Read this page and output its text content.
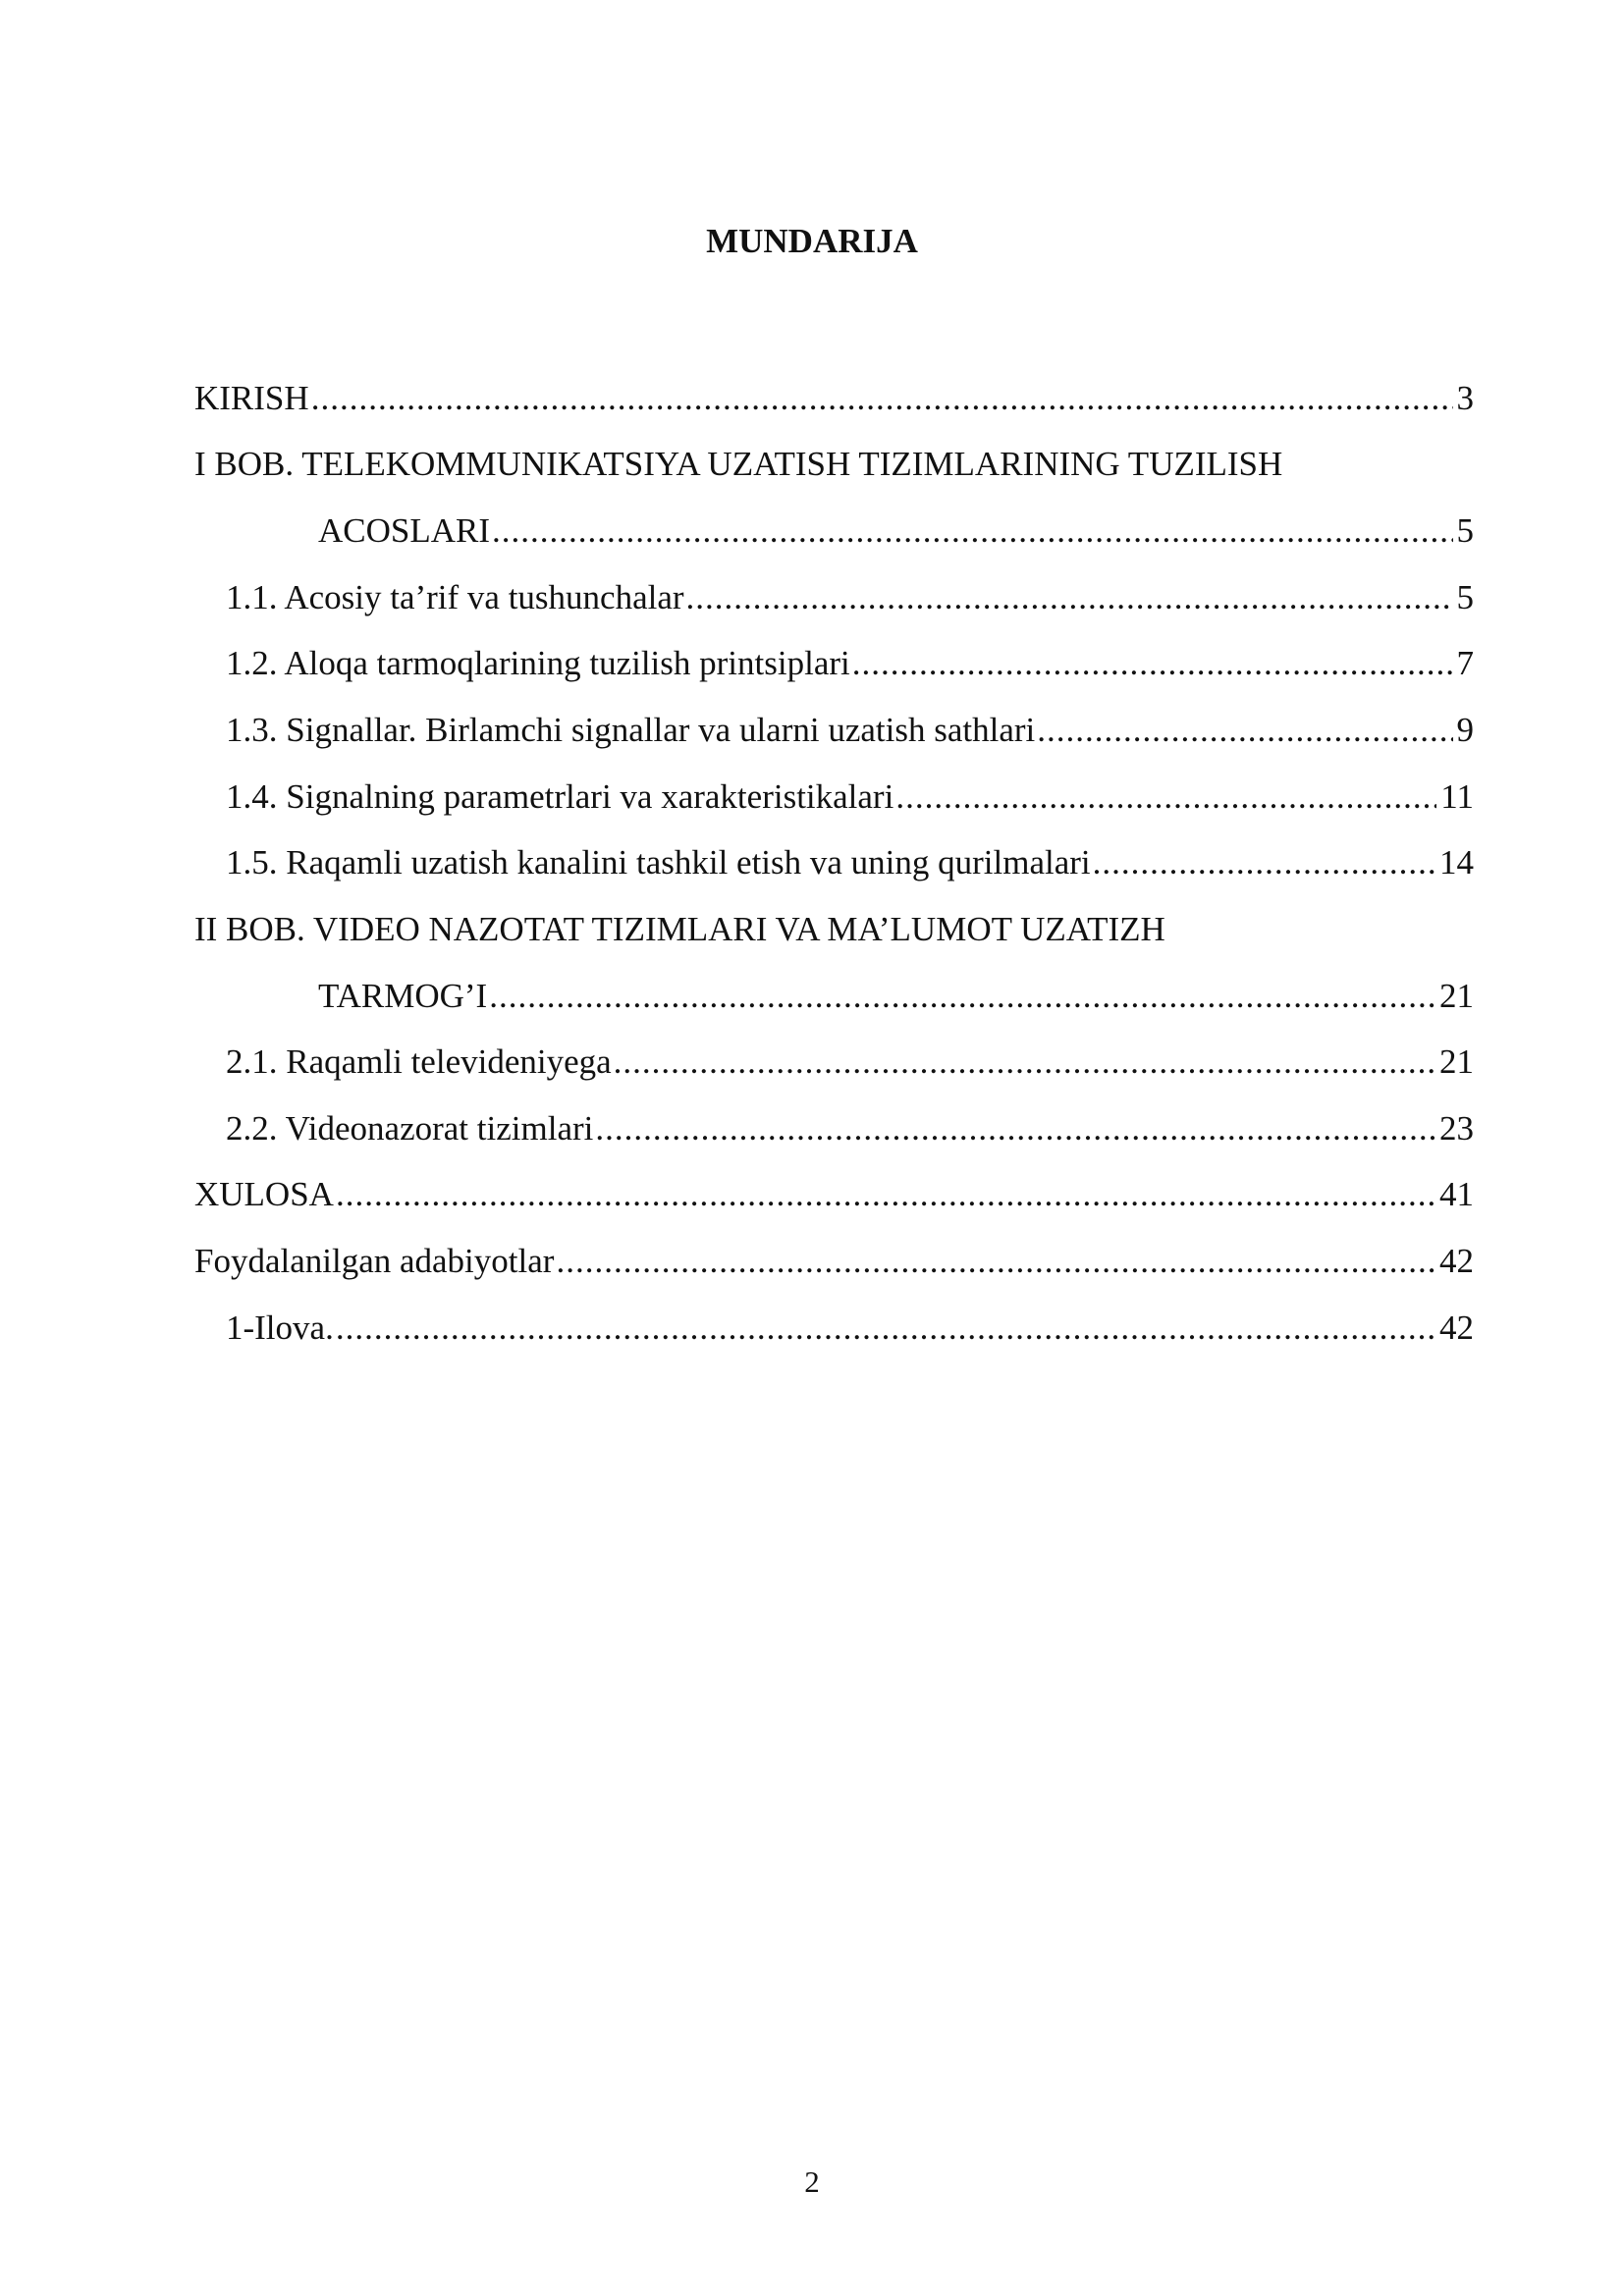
MUNDARIJA
KIRISH .....	3
I BOB. TELEKOMMUNIKATSIYA UZATISH TIZIMLARINING TUZILISH
ACOSLARI .....	5
1.1. Acosiy ta’rif va tushunchalar .....	5
1.2. Aloqa tarmoqlarining tuzilish printsiplari .....	7
1.3. Signallar. Birlamchi signallar va ularni uzatish sathlari .....	9
1.4. Signalning parametrlari va xarakteristikalari .....	11
1.5. Raqamli uzatish kanalini tashkil etish va uning qurilmalari .....	14
II BOB. VIDEO NAZOTAT TIZIMLARI VA MA’LUMOT UZATIZH
TARMOG’I .....	21
2.1. Raqamli televideniyega .....	21
2.2. Videonazorat tizimlari .....	23
XULOSA .....	41
Foydalanilgan adabiyotlar .....	42
1-Ilova. .....	42
2
